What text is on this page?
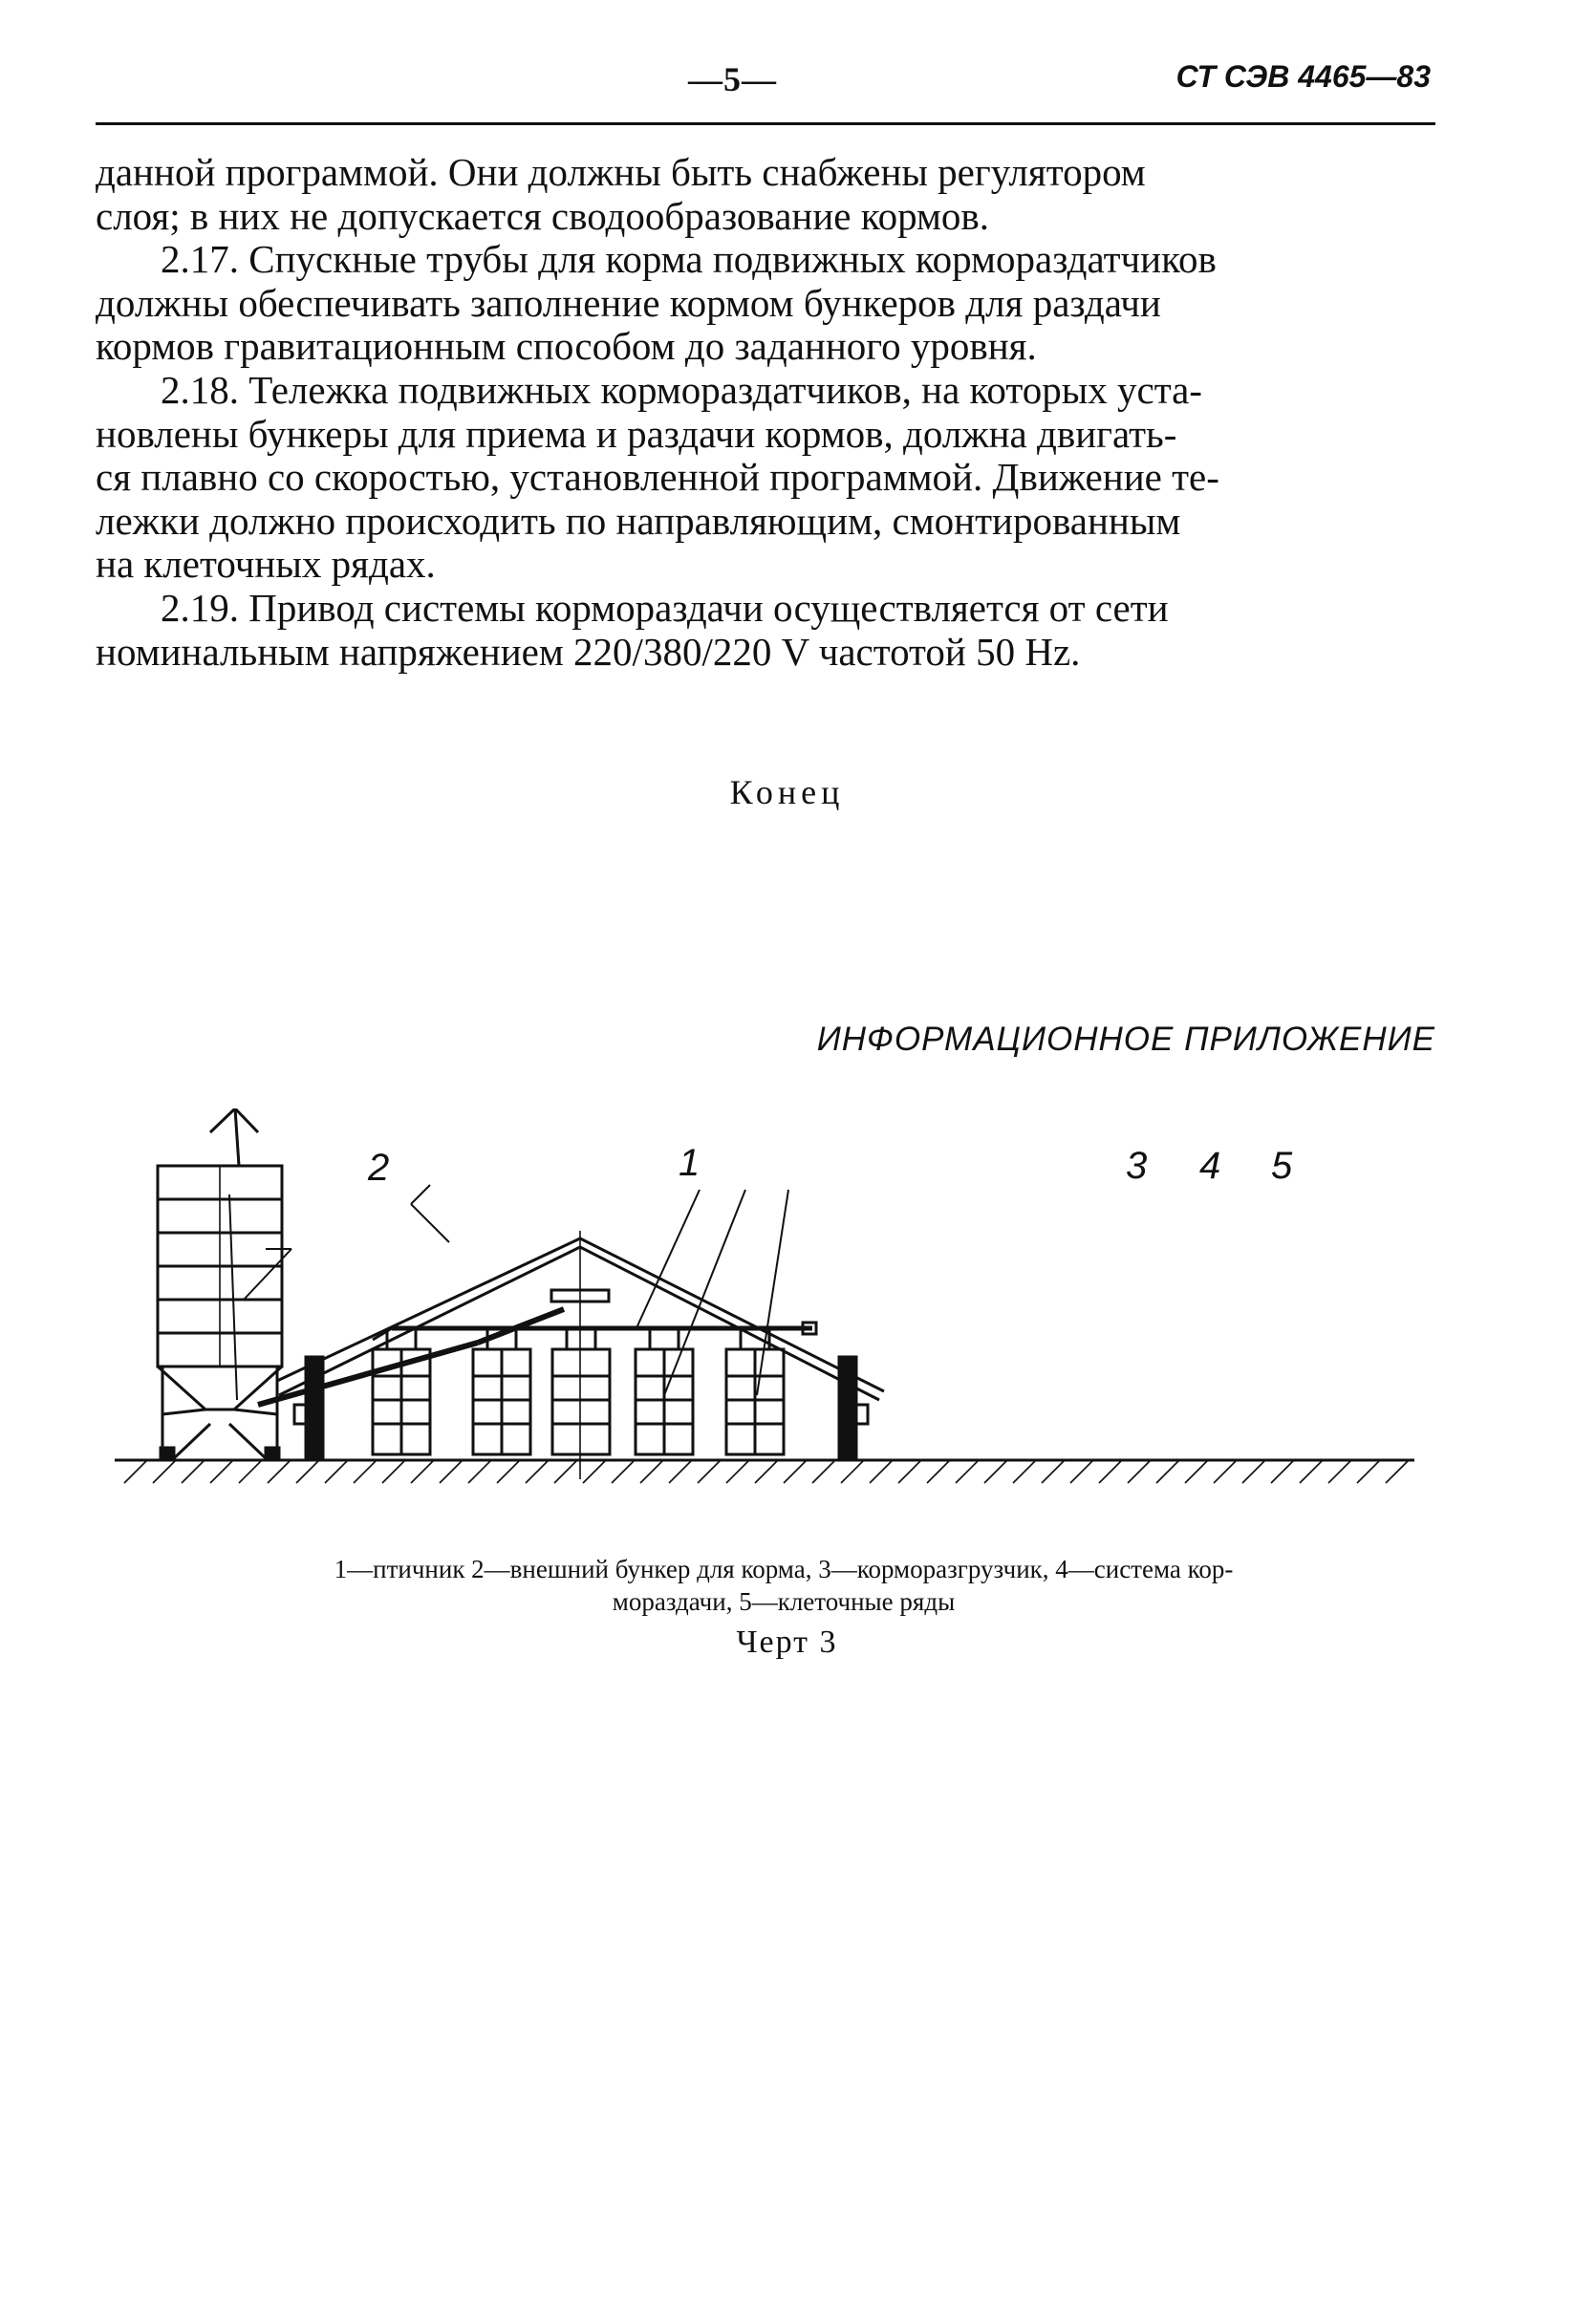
—5—	СТ СЭВ 4465—83

данной программой. Они должны быть снабжены регулятором
слоя; в них не допускается сводообразование кормов.

2.17. Спускные трубы для корма подвижных кормораздатчиков
должны обеспечивать заполнение кормом бункеров для раздачи
кормов гравитационным способом до заданного уровня.

2.18. Тележка подвижных кормораздатчиков, на которых уста-
новлены бункеры для приема и раздачи кормов, должна двигать-
ся плавно со скоростью, установленной программой. Движение те-
лежки должно происходить по направляющим, смонтированным
на клеточных рядах.

2.19. Привод системы кормораздачи осуществляется от сети
номинальным напряжением 220/380/220 V частотой 50 Hz.

Конец
ИНФОРМАЦИОННОЕ ПРИЛОЖЕНИЕ
2	1	3 4 5
1—птичник 2—внешний бункер для корма, 3—корморазгрузчик, 4—система кор-
мораздачи, 5—клеточные ряды
Черт 3
